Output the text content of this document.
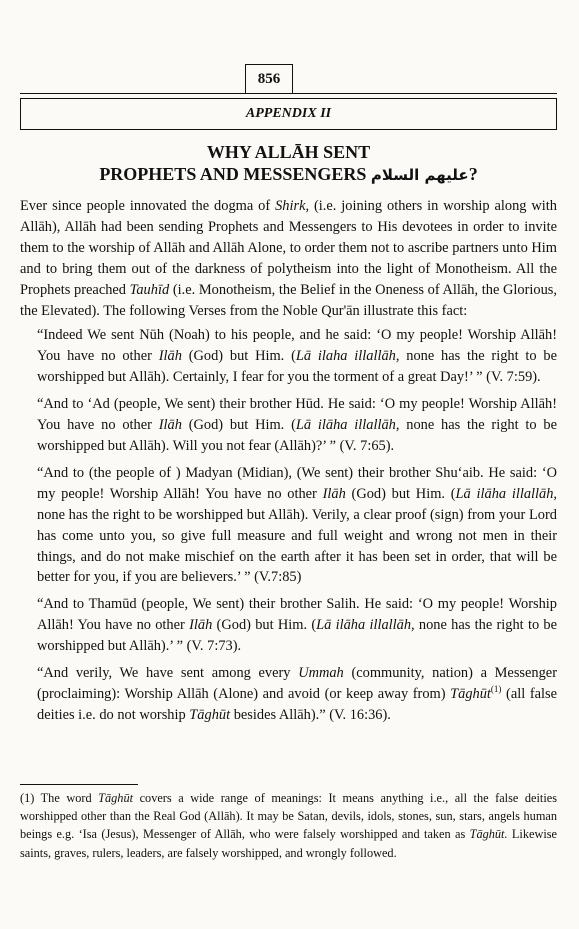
856
APPENDIX II
WHY ALLĀH SENT
PROPHETS AND MESSENGERS عليهم السلام?

Ever since people innovated the dogma of Shirk, (i.e. joining others in worship along with Allāh), Allāh had been sending Prophets and Messengers to His devotees in order to invite them to the worship of Allāh and Allāh Alone, to order them not to ascribe partners unto Him and to bring them out of the darkness of polytheism into the light of Monotheism. All the Prophets preached Tauhīd (i.e. Monotheism, the Belief in the Oneness of Allāh, the Glorious, the Elevated). The following Verses from the Noble Qur'ān illustrate this fact:

“Indeed We sent Nūh (Noah) to his people, and he said: ‘O my people! Worship Allāh! You have no other Ilāh (God) but Him. (Lā ilaha illallāh, none has the right to be worshipped but Allāh). Certainly, I fear for you the torment of a great Day!’ ” (V. 7:59).

“And to ‘Ad (people, We sent) their brother Hūd. He said: ‘O my people! Worship Allāh! You have no other Ilāh (God) but Him. (Lā ilāha illallāh, none has the right to be worshipped but Allāh). Will you not fear (Allāh)?’ ” (V. 7:65).

“And to (the people of ) Madyan (Midian), (We sent) their brother Shu‘aib. He said: ‘O my people! Worship Allāh! You have no other Ilāh (God) but Him. (Lā ilāha illallāh, none has the right to be worshipped but Allāh). Verily, a clear proof (sign) from your Lord has come unto you, so give full measure and full weight and wrong not men in their things, and do not make mischief on the earth after it has been set in order, that will be better for you, if you are believers.’ ” (V.7:85)

“And to Thamūd (people, We sent) their brother Salih. He said: ‘O my people! Worship Allāh! You have no other Ilāh (God) but Him. (Lā ilāha illallāh, none has the right to be worshipped but Allāh).’ ” (V. 7:73).

“And verily, We have sent among every Ummah (community, nation) a Messenger (proclaiming): Worship Allāh (Alone) and avoid (or keep away from) Tāghūt$^{(1)}$ (all false deities i.e. do not worship Tāghūt besides Allāh).” (V. 16:36).

(1) The word Tāghūt covers a wide range of meanings: It means anything i.e., all the false deities worshipped other than the Real God (Allāh). It may be Satan, devils, idols, stones, sun, stars, angels human beings e.g. ‘Isa (Jesus), Messenger of Allāh, who were falsely worshipped and taken as Tāghūt. Likewise saints, graves, rulers, leaders, are falsely worshipped, and wrongly followed.
